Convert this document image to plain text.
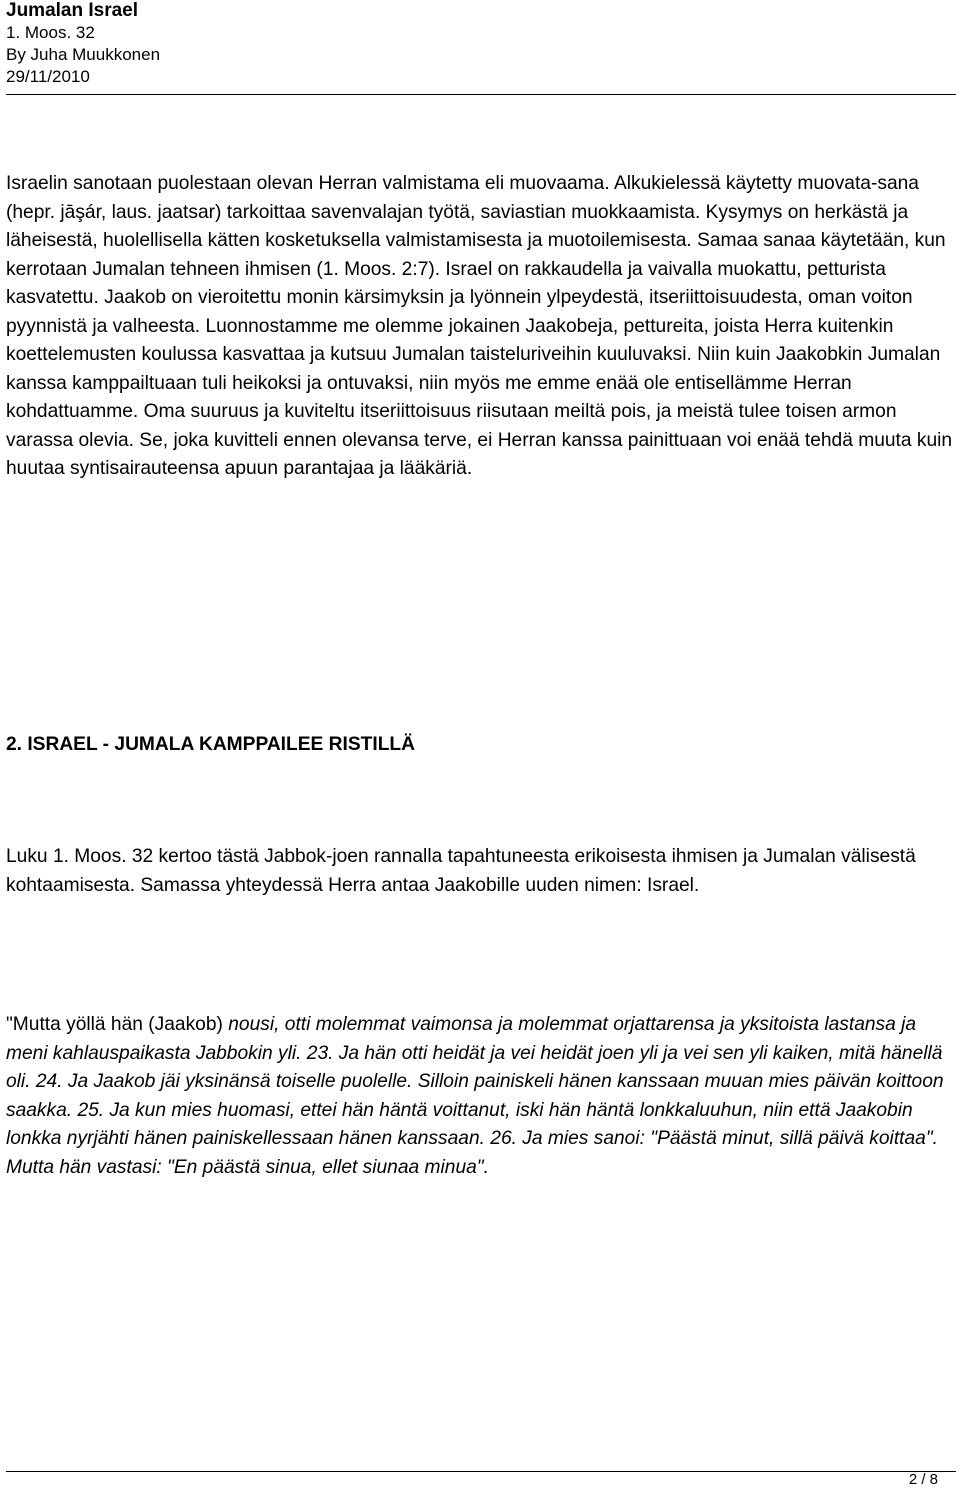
Jumalan Israel

1. Moos. 32

By Juha Muukkonen

29/11/2010

Israelin sanotaan puolestaan olevan Herran valmistama eli muovaama. Alkukielessä käytetty muovata-sana (hepr. jāşár, laus. jaatsar) tarkoittaa savenvalajan työtä, saviastian muokkaamista. Kysymys on herkästä ja läheisestä, huolellisella kätten kosketuksella valmistamisesta ja muotoilemisesta. Samaa sanaa käytetään, kun kerrotaan Jumalan tehneen ihmisen (1. Moos. 2:7). Israel on rakkaudella ja vaivalla muokattu, petturista kasvatettu. Jaakob on vieroitettu monin kärsimyksin ja lyönnein ylpeydestä, itseriittoisuudesta, oman voiton pyynnistä ja valheesta. Luonnostamme me olemme jokainen Jaakobeja, pettureita, joista Herra kuitenkin koettelemusten koulussa kasvattaa ja kutsuu Jumalan taisteluriveihin kuuluvaksi. Niin kuin Jaakobkin Jumalan kanssa kamppailtuaan tuli heikoksi ja ontuvaksi, niin myös me emme enää ole entisellämme Herran kohdattuamme. Oma suuruus ja kuviteltu itseriittoisuus riisutaan meiltä pois, ja meistä tulee toisen armon varassa olevia. Se, joka kuvitteli ennen olevansa terve, ei Herran kanssa painittuaan voi enää tehdä muuta kuin huutaa syntisairauteensa apuun parantajaa ja lääkäriä.

2. ISRAEL - JUMALA KAMPPAILEE RISTILLÄ

Luku 1. Moos. 32 kertoo tästä Jabbok-joen rannalla tapahtuneesta erikoisesta ihmisen ja Jumalan välisestä kohtaamisesta. Samassa yhteydessä Herra antaa Jaakobille uuden nimen: Israel.

"Mutta yöllä hän (Jaakob) nousi, otti molemmat vaimonsa ja molemmat orjattarensa ja yksitoista lastansa ja meni kahlauspaikasta Jabbokin yli. 23. Ja hän otti heidät ja vei heidät joen yli ja vei sen yli kaiken, mitä hänellä oli. 24. Ja Jaakob jäi yksinänsä toiselle puolelle. Silloin painiskeli hänen kanssaan muuan mies päivän koittoon saakka. 25. Ja kun mies huomasi, ettei hän häntä voittanut, iski hän häntä lonkkaluuhun, niin että Jaakobin lonkka nyrjähti hänen painiskellessaan hänen kanssaan. 26. Ja mies sanoi: "Päästä minut, sillä päivä koittaa". Mutta hän vastasi: "En päästä sinua, ellet siunaa minua".

2 / 8
